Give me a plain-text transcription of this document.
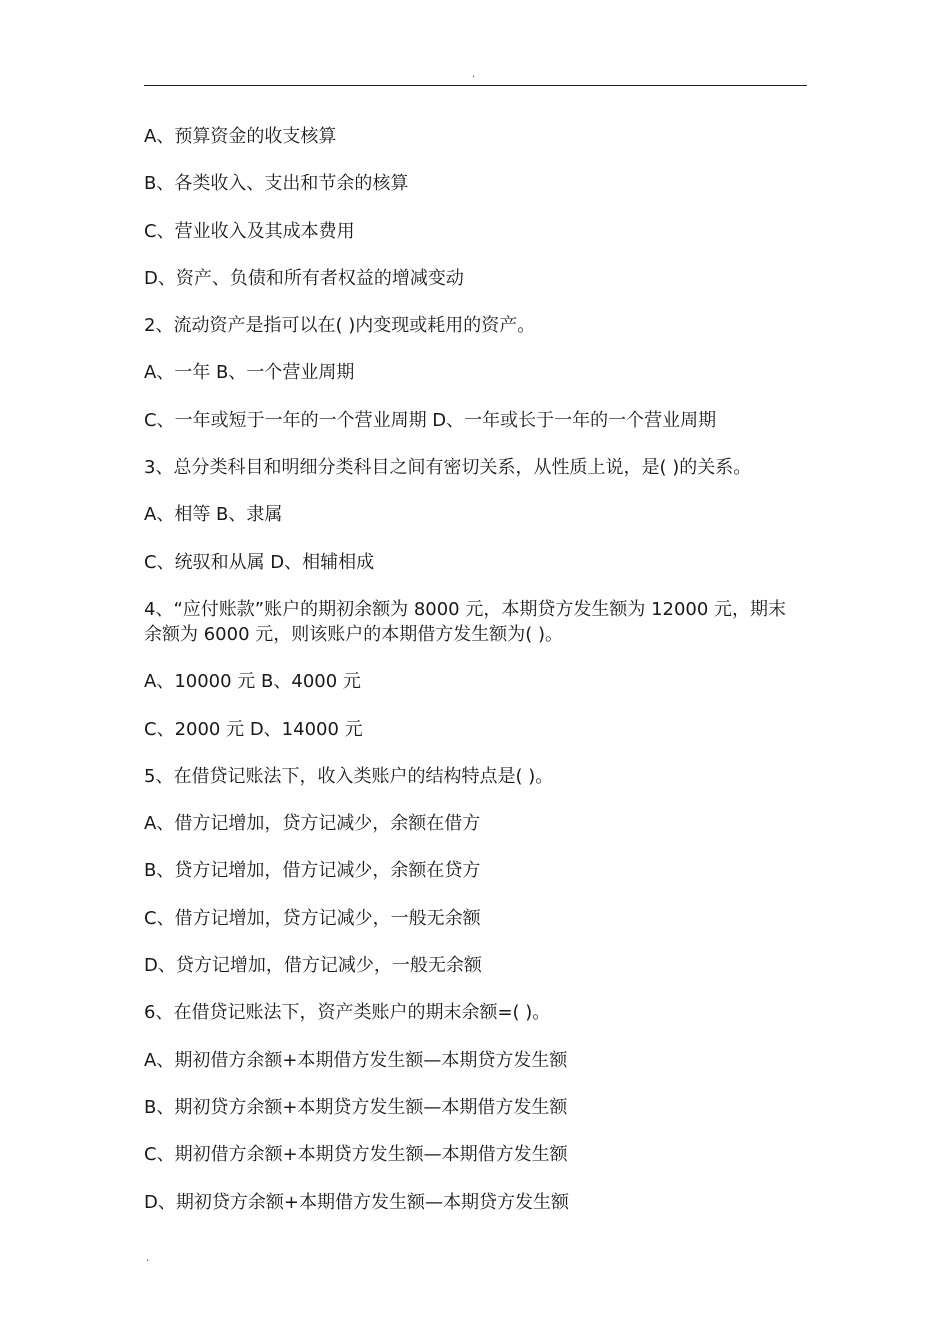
.
A、预算资金的收支核算
B、各类收入、支出和节余的核算
C、营业收入及其成本费用
D、资产、负债和所有者权益的增减变动
2、流动资产是指可以在( )内变现或耗用的资产。
A、一年 B、一个营业周期
C、一年或短于一年的一个营业周期 D、一年或长于一年的一个营业周期
3、总分类科目和明细分类科目之间有密切关系，从性质上说，是( )的关系。
A、相等 B、隶属
C、统驭和从属 D、相辅相成
4、“应付账款”账户的期初余额为 8000 元，本期贷方发生额为 12000 元，期末余额为 6000 元，则该账户的本期借方发生额为( )。
A、10000 元 B、4000 元
C、2000 元 D、14000 元
5、在借贷记账法下，收入类账户的结构特点是( )。
A、借方记增加，贷方记减少，余额在借方
B、贷方记增加，借方记减少，余额在贷方
C、借方记增加，贷方记减少，一般无余额
D、贷方记增加，借方记减少，一般无余额
6、在借贷记账法下，资产类账户的期末余额=( )。
A、期初借方余额+本期借方发生额—本期贷方发生额
B、期初贷方余额+本期贷方发生额—本期借方发生额
C、期初借方余额+本期贷方发生额—本期借方发生额
D、期初贷方余额+本期借方发生额—本期贷方发生额
.
